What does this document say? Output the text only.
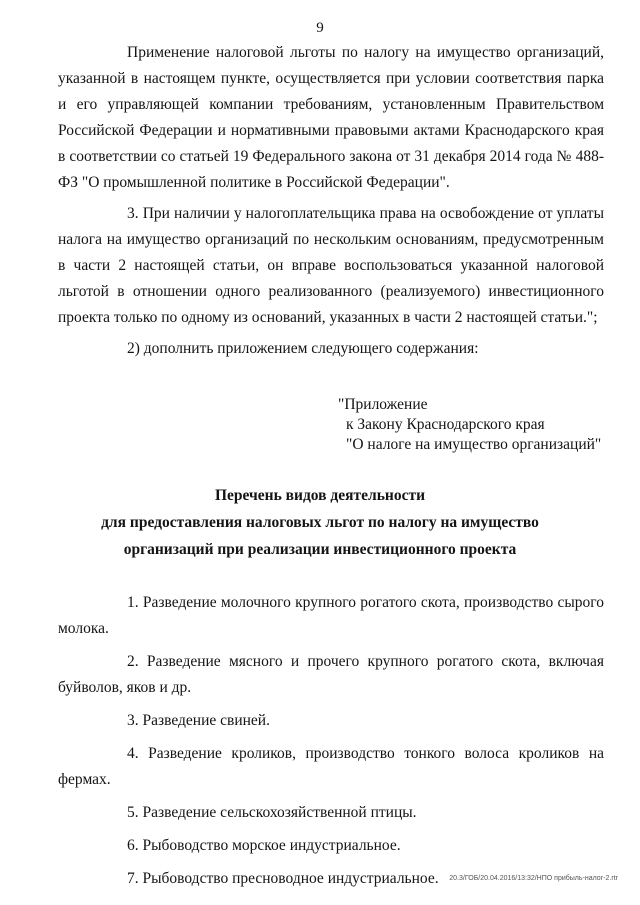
9

Применение налоговой льготы по налогу на имущество организаций, указанной в настоящем пункте, осуществляется при условии соответствия парка и его управляющей компании требованиям, установленным Правительством Российской Федерации и нормативными правовыми актами Краснодарского края в соответствии со статьей 19 Федерального закона от 31 декабря 2014 года № 488-ФЗ "О промышленной политике в Российской Федерации".

3. При наличии у налогоплательщика права на освобождение от уплаты налога на имущество организаций по нескольким основаниям, предусмотренным в части 2 настоящей статьи, он вправе воспользоваться указанной налоговой льготой в отношении одного реализованного (реализуемого) инвестиционного проекта только по одному из оснований, указанных в части 2 настоящей статьи.";

2) дополнить приложением следующего содержания:

"Приложение
к Закону Краснодарского края
"О налоге на имущество организаций"
Перечень видов деятельности
для предоставления налоговых льгот по налогу на имущество
организаций при реализации инвестиционного проекта

1. Разведение молочного крупного рогатого скота, производство сырого молока.

2. Разведение мясного и прочего крупного рогатого скота, включая буйволов, яков и др.

3. Разведение свиней.

4. Разведение кроликов, производство тонкого волоса кроликов на фермах.

5. Разведение сельскохозяйственной птицы.

6. Рыбоводство морское индустриальное.

7. Рыбоводство пресноводное индустриальное.	20.3/ГОБ/20.04.2016/13:32/НПО прибыль-налог-2.rtr
